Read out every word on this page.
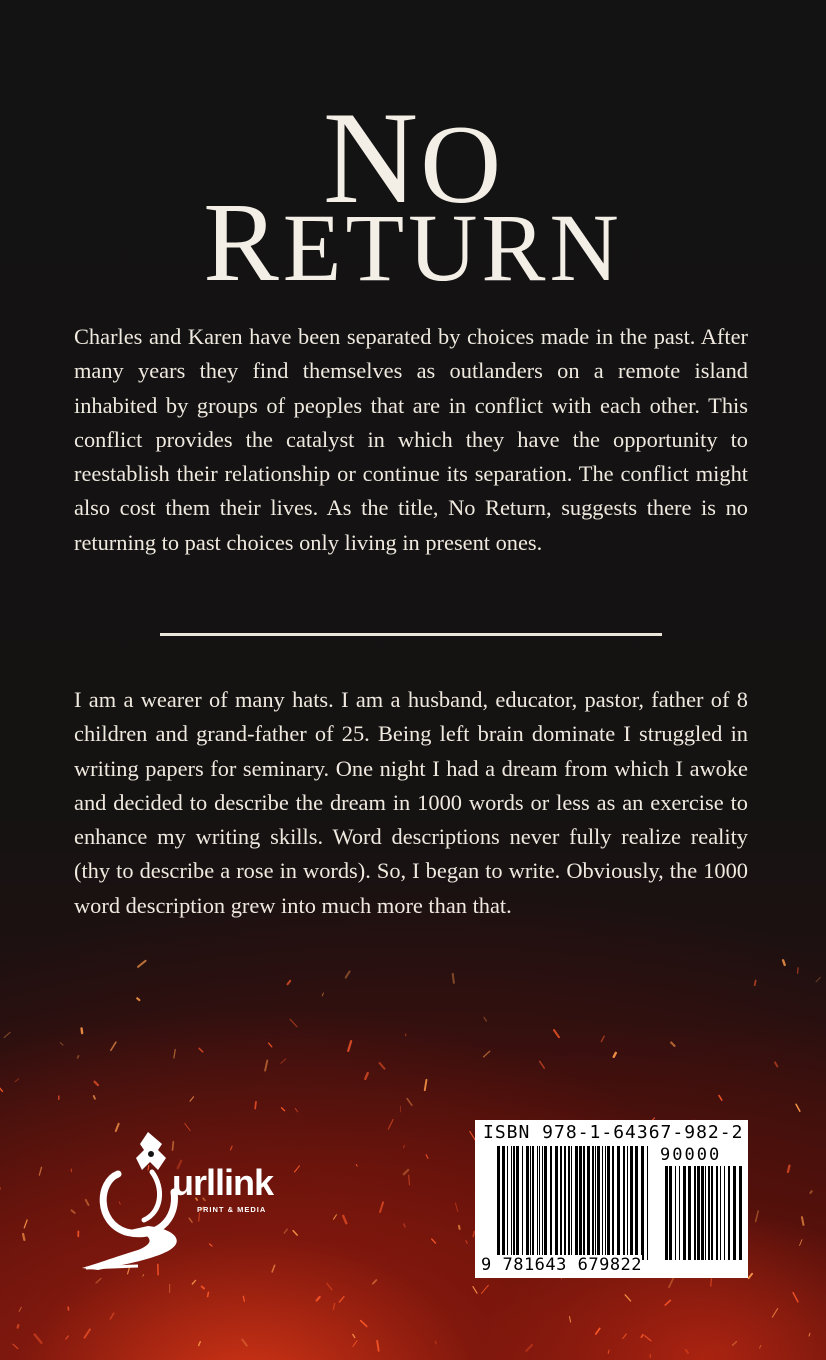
NO
RETURN

Charles and Karen have been separated by choices made in the past. After many years they find themselves as outlanders on a remote island inhabited by groups of peoples that are in conflict with each other. This conflict provides the catalyst in which they have the opportunity to reestablish their relationship or continue its separation. The conflict might also cost them their lives. As the title, No Return, suggests there is no returning to past choices only living in present ones.

I am a wearer of many hats. I am a husband, educator, pastor, father of 8 children and grand-father of 25. Being left brain dominate I struggled in writing papers for seminary. One night I had a dream from which I awoke and decided to describe the dream in 1000 words or less as an exercise to enhance my writing skills. Word descriptions never fully realize reality (thy to describe a rose in words). So, I began to write. Obviously, the 1000 word description grew into much more than that.

urllink
PRINT & MEDIA

ISBN 978-1-64367-982-2

90000

9 781643 679822
